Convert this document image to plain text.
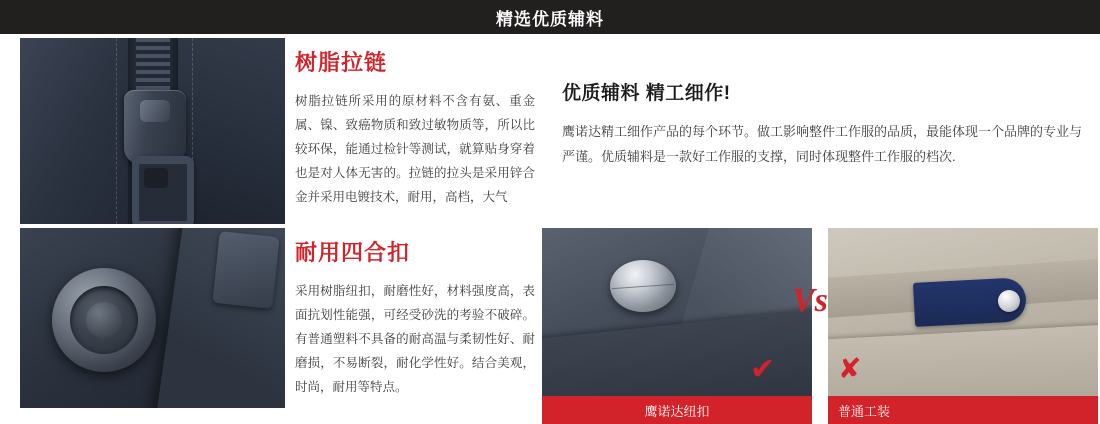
精选优质辅料
树脂拉链

树脂拉链所采用的原材料不含有氨、重金属、镍、致癌物质和致过敏物质等，所以比较环保，能通过检针等测试，就算贴身穿着也是对人体无害的。拉链的拉头是采用锌合金并采用电镀技术，耐用，高档，大气

优质辅料 精工细作!

鹰诺达精工细作产品的每个环节。做工影响整件工作服的品质，最能体现一个品牌的专业与严谨。优质辅料是一款好工作服的支撑，同时体现整件工作服的档次.

耐用四合扣

采用树脂纽扣，耐磨性好，材料强度高，表面抗划性能强，可经受砂洗的考验不破碎。有普通塑料不具备的耐高温与柔韧性好、耐磨损，不易断裂，耐化学性好。结合美观，时尚，耐用等特点。

鹰诺达纽扣	普通工装
Vs
✔ ✘
